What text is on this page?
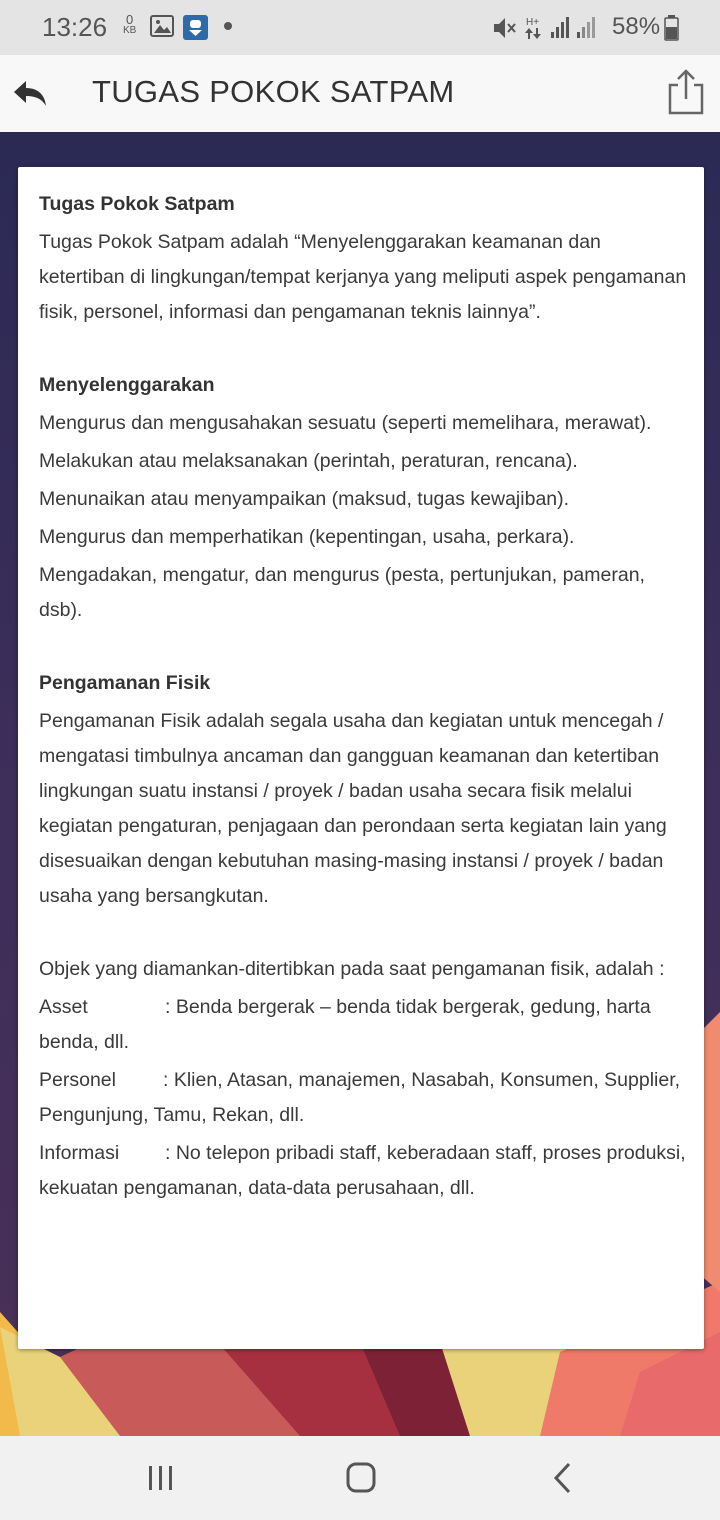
13:26 0
KB
H+	58%
TUGAS POKOK SATPAM

Tugas Pokok Satpam

Tugas Pokok Satpam adalah “Menyelenggarakan keamanan dan ketertiban di lingkungan/tempat kerjanya yang meliputi aspek pengamanan fisik, personel, informasi dan pengamanan teknis lainnya”.

Menyelenggarakan

Mengurus dan mengusahakan sesuatu (seperti memelihara, merawat).

Melakukan atau melaksanakan (perintah, peraturan, rencana).

Menunaikan atau menyampaikan (maksud, tugas kewajiban).

Mengurus dan memperhatikan (kepentingan, usaha, perkara).

Mengadakan, mengatur, dan mengurus (pesta, pertunjukan, pameran, dsb).

Pengamanan Fisik

Pengamanan Fisik adalah segala usaha dan kegiatan untuk mencegah / mengatasi timbulnya ancaman dan gangguan keamanan dan ketertiban lingkungan suatu instansi / proyek / badan usaha secara fisik melalui kegiatan pengaturan, penjagaan dan perondaan serta kegiatan lain yang disesuaikan dengan kebutuhan masing-masing instansi / proyek / badan usaha yang bersangkutan.

Objek yang diamankan-ditertibkan pada saat pengamanan fisik, adalah :

Asset	: Benda bergerak – benda tidak bergerak, gedung, harta benda, dll.

Personel : Klien, Atasan, manajemen, Nasabah, Konsumen, Supplier, Pengunjung, Tamu, Rekan, dll.

Informasi : No telepon pribadi staff, keberadaan staff, proses produksi, kekuatan pengamanan, data-data perusahaan, dll.
